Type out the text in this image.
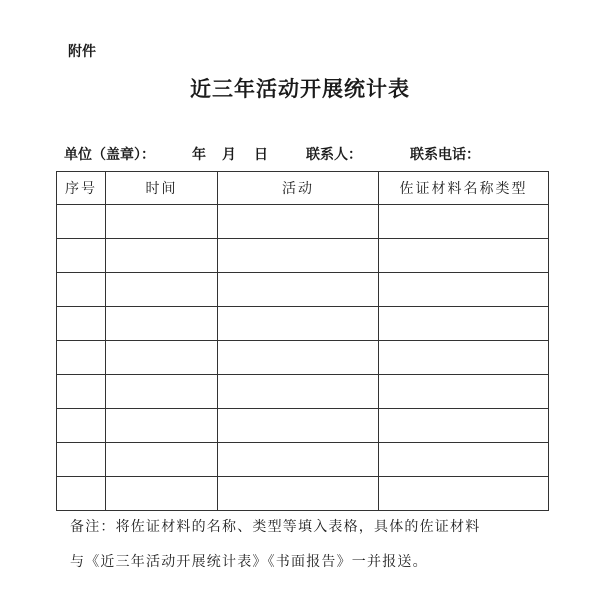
附件
近三年活动开展统计表
单位（盖章）：	年 月 日	联系人：	联系电话：
序号	时间	活动	佐证材料名称类型

备注：将佐证材料的名称、类型等填入表格，具体的佐证材料
与《近三年活动开展统计表》《书面报告》一并报送。
